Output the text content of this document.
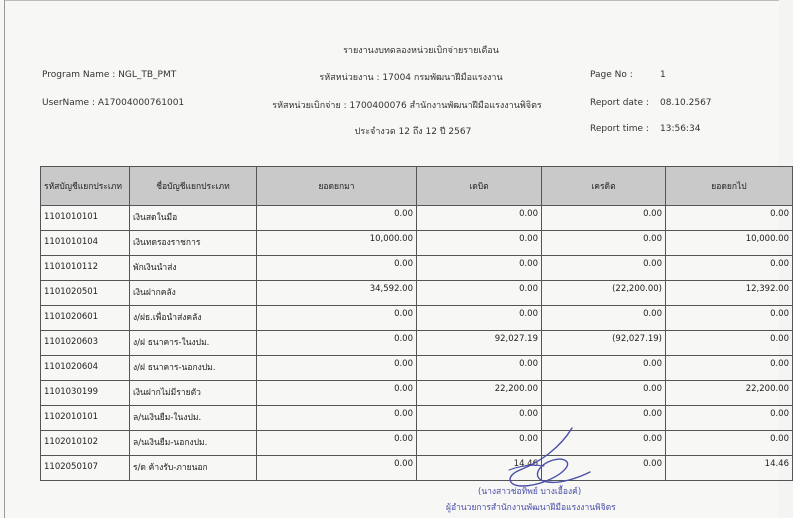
รายงานงบทดลองหน่วยเบิกจ่ายรายเดือน
Program Name : NGL_TB_PMT	รหัสหน่วยงาน : 17004 กรมพัฒนาฝีมือแรงงาน	Page No :	1
UserName : A17004000761001	รหัสหน่วยเบิกจ่าย : 1700400076 สำนักงานพัฒนาฝีมือแรงงานพิจิตร	Report date : 08.10.2567
ประจำงวด 12 ถึง 12 ปี 2567	Report time : 13:56:34
รหัสบัญชีแยกประเภท	ชื่อบัญชีแยกประเภท	ยอดยกมา	เดบิต	เครดิต	ยอดยกไป
1101010101	เงินสดในมือ	0.00	0.00	0.00	0.00
1101010104	เงินทดรองราชการ	10,000.00	0.00	0.00	10,000.00
1101010112	พักเงินนำส่ง	0.00	0.00	0.00	0.00
1101020501	เงินฝากคลัง	34,592.00	0.00	(22,200.00)	12,392.00
1101020601	ง/ฝธ.เพื่อนำส่งคลัง	0.00	0.00	0.00	0.00
1101020603	ง/ฝ ธนาคาร-ในงปม.	0.00	92,027.19	(92,027.19)	0.00
1101020604	ง/ฝ ธนาคาร-นอกงปม.	0.00	0.00	0.00	0.00
1101030199	เงินฝากไม่มีรายตัว	0.00	22,200.00	0.00	22,200.00
1102010101	ล/นเงินยืม-ในงปม.	0.00	0.00	0.00	0.00
1102010102	ล/นเงินยืม-นอกงปม.	0.00	0.00	0.00	0.00
1102050107	ร/ด ค้างรับ-ภายนอก	0.00	14.46	0.00	14.46
(นางสาวช่อทิพย์ บางเอื้องค์)
ผู้อำนวยการสำนักงานพัฒนาฝีมือแรงงานพิจิตร
